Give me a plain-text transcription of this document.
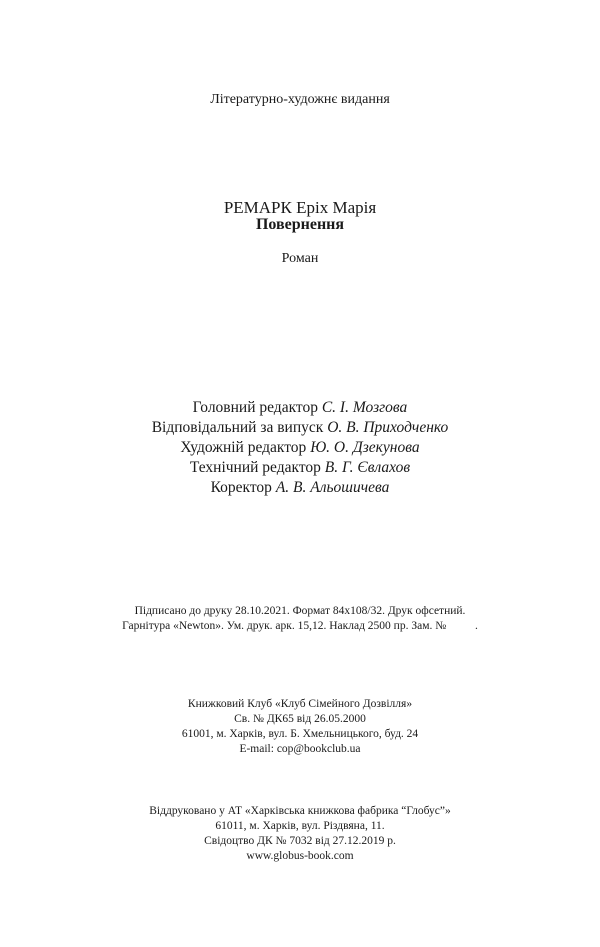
Літературно-художнє видання
РЕМАРК Еріх Марія
Повернення
Роман
Головний редактор С. І. Мозгова
Відповідальний за випуск О. В. Приходченко
Художній редактор Ю. О. Дзекунова
Технічний редактор В. Г. Євлахов
Коректор А. В. Альошичева
Підписано до друку 28.10.2021. Формат 84x108/32. Друк офсетний.
Гарнітура «Newton». Ум. друк. арк. 15,12. Наклад 2500 пр. Зам. №          .
Книжковий Клуб «Клуб Сімейного Дозвілля»
Св. № ДК65 від 26.05.2000
61001, м. Харків, вул. Б. Хмельницького, буд. 24
E-mail: cop@bookclub.ua
Віддруковано у АТ «Харківська книжкова фабрика “Глобус”»
61011, м. Харків, вул. Різдвяна, 11.
Свідоцтво ДК № 7032 від 27.12.2019 р.
www.globus-book.com
